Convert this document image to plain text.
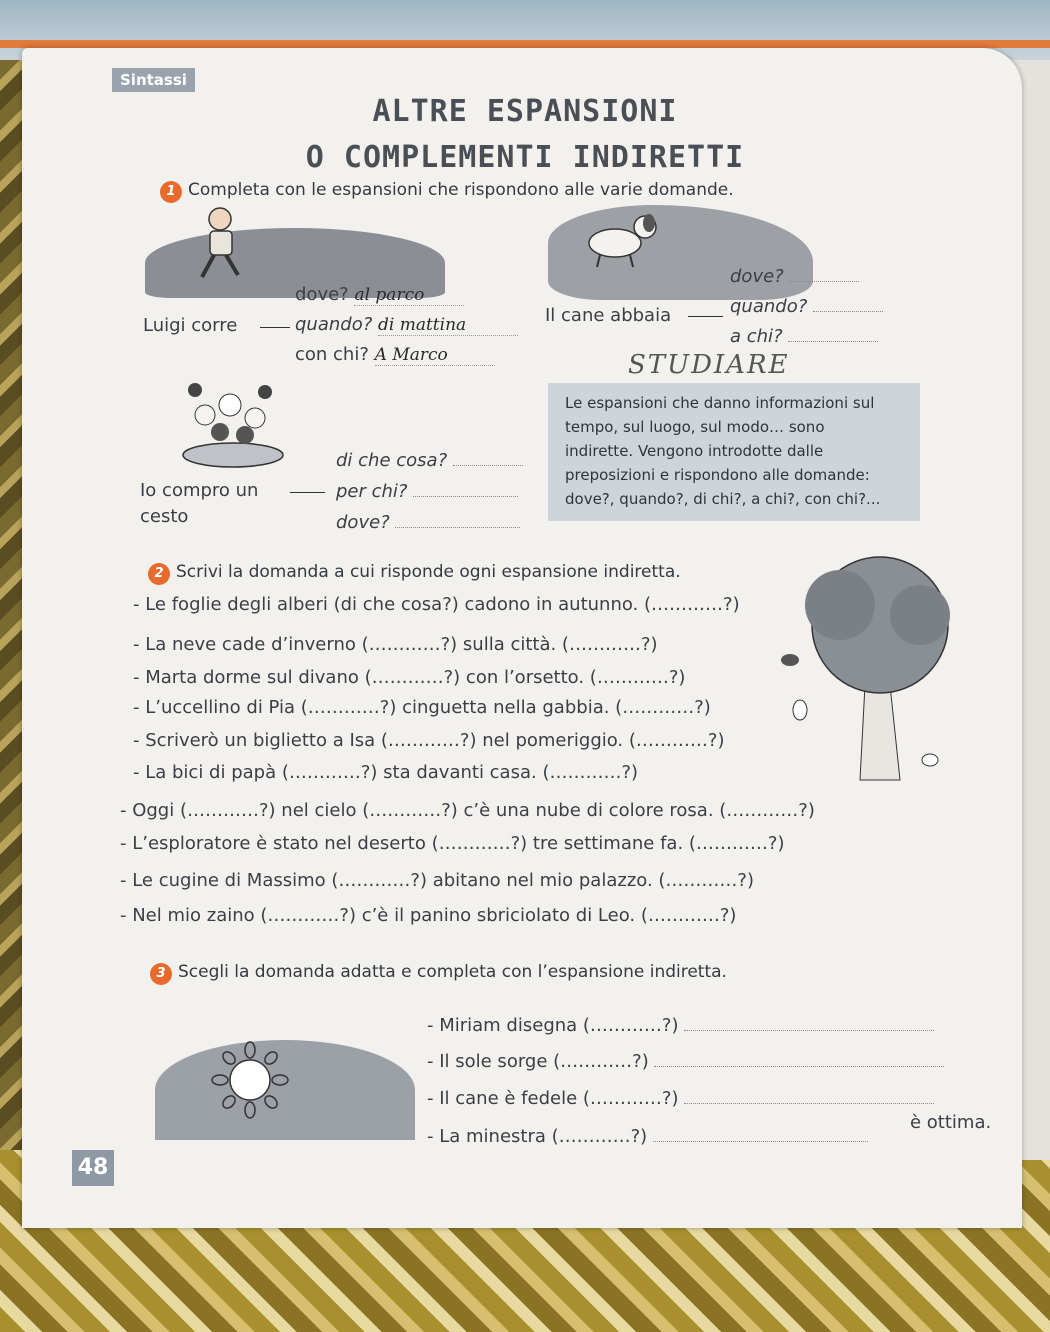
Sintassi
ALTRE ESPANSIONI
O COMPLEMENTI INDIRETTI
1 Completa con le espansioni che rispondono alle varie domande.
dove? al parco
Luigi corre	quando? di mattina
con chi? A Marco
dove?
Il cane abbaia	quando?
a chi?
STUDIARE
di che cosa?
Io compro un	per chi?
cesto	dove?
Le espansioni che danno informazioni sul
tempo, sul luogo, sul modo… sono
indirette. Vengono introdotte dalle
preposizioni e rispondono alle domande:
dove?, quando?, di chi?, a chi?, con chi?...
2 Scrivi la domanda a cui risponde ogni espansione indiretta.
- Le foglie degli alberi (di che cosa?) cadono in autunno. (…………?)
- La neve cade d’inverno (…………?) sulla città. (…………?)
- Marta dorme sul divano (…………?) con l’orsetto. (…………?)
- L’uccellino di Pia (…………?) cinguetta nella gabbia. (…………?)
- Scriverò un biglietto a Isa (…………?) nel pomeriggio. (…………?)
- La bici di papà (…………?) sta davanti casa. (…………?)
- Oggi (…………?) nel cielo (…………?) c’è una nube di colore rosa. (…………?)
- L’esploratore è stato nel deserto (…………?) tre settimane fa. (…………?)
- Le cugine di Massimo (…………?) abitano nel mio palazzo. (…………?)
- Nel mio zaino (…………?) c’è il panino sbriciolato di Leo. (…………?)
3 Scegli la domanda adatta e completa con l’espansione indiretta.
- Miriam disegna (…………?)
- Il sole sorge (…………?)
- Il cane è fedele (…………?)
- La minestra (…………?)
è ottima.
48
